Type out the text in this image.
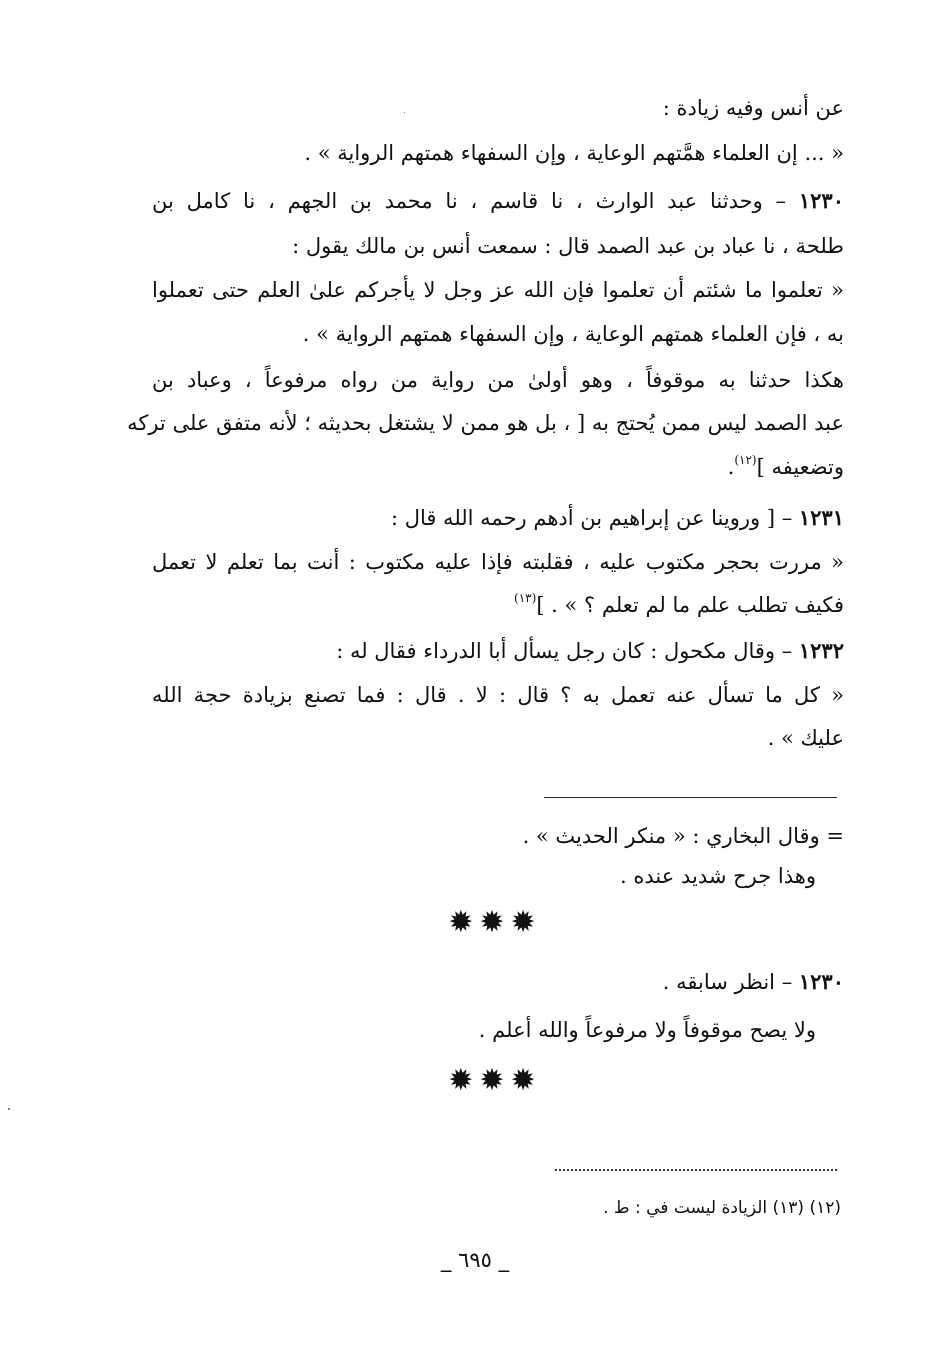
عن أنس وفيه زيادة :
« ... إن العلماء همَّتهم الوعاية ، وإن السفهاء همتهم الرواية » .
١٢٣٠ – وحدثنا عبد الوارث ، نا قاسم ، نا محمد بن الجهم ، نا كامل بن
طلحة ، نا عباد بن عبد الصمد قال : سمعت أنس بن مالك يقول :
« تعلموا ما شئتم أن تعلموا فإن الله عز وجل لا يأجركم علىٰ العلم حتى تعملوا
به ، فإن العلماء همتهم الوعاية ، وإن السفهاء همتهم الرواية » .
هكذا حدثنا به موقوفاً ، وهو أولىٰ من رواية من رواه مرفوعاً ، وعباد بن
عبد الصمد ليس ممن يُحتج به [ ، بل هو ممن لا يشتغل بحديثه ؛ لأنه متفق على تركه
وتضعيفه ]$^{(١٢)}$.
١٢٣١ – [ وروينا عن إبراهيم بن أدهم رحمه الله قال :
« مررت بحجر مكتوب عليه ، فقلبته فإذا عليه مكتوب : أنت بما تعلم لا تعمل
فكيف تطلب علم ما لم تعلم ؟ » . ]$^{(١٣)}$
١٢٣٢ – وقال مكحول : كان رجل يسأل أبا الدرداء فقال له :
« كل ما تسأل عنه تعمل به ؟ قال : لا . قال : فما تصنع بزيادة حجة الله
عليك » .
= وقال البخاري : « منكر الحديث » .
وهذا جرح شديد عنده .
✹✹✹
١٢٣٠ – انظر سابقه .
ولا يصح موقوفاً ولا مرفوعاً والله أعلم .
✹✹✹
(١٢) (١٣) الزيادة ليست في : ط .
_ ٦٩٥ _
